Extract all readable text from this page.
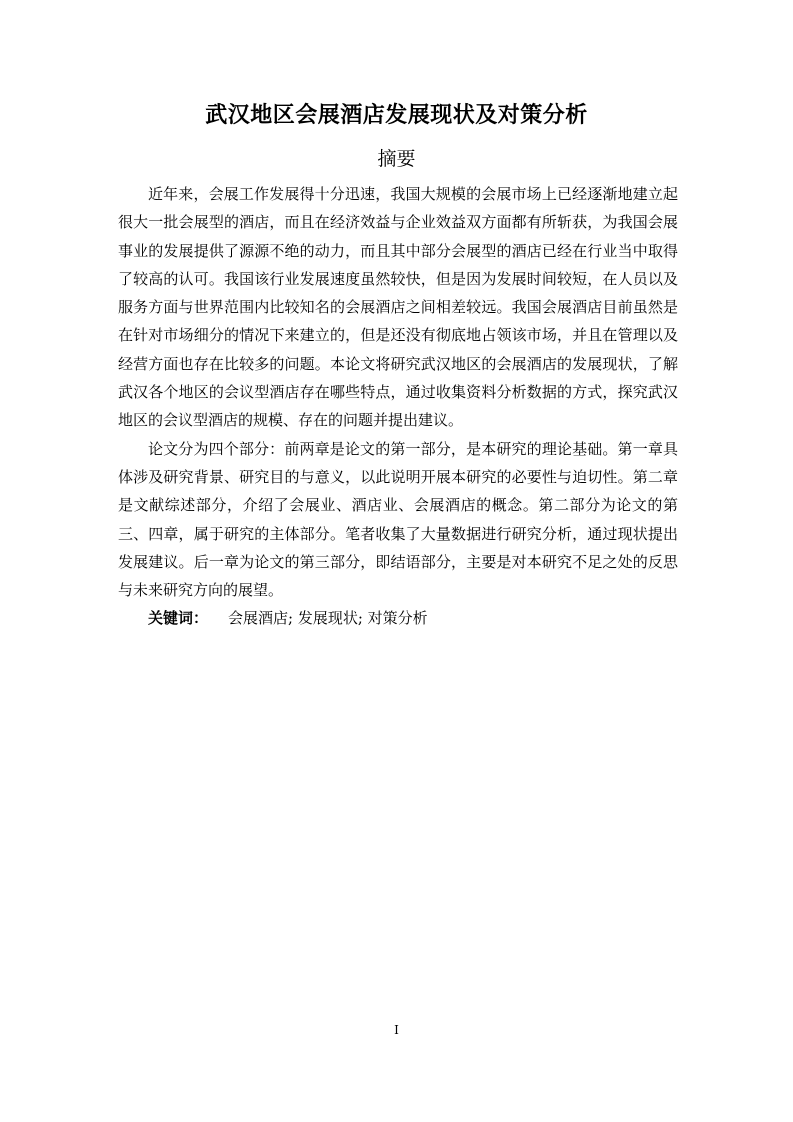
武汉地区会展酒店发展现状及对策分析
摘要

近年来，会展工作发展得十分迅速，我国大规模的会展市场上已经逐渐地建立起很大一批会展型的酒店，而且在经济效益与企业效益双方面都有所斩获，为我国会展事业的发展提供了源源不绝的动力，而且其中部分会展型的酒店已经在行业当中取得了较高的认可。我国该行业发展速度虽然较快，但是因为发展时间较短，在人员以及服务方面与世界范围内比较知名的会展酒店之间相差较远。我国会展酒店目前虽然是在针对市场细分的情况下来建立的，但是还没有彻底地占领该市场，并且在管理以及经营方面也存在比较多的问题。本论文将研究武汉地区的会展酒店的发展现状，了解武汉各个地区的会议型酒店存在哪些特点，通过收集资料分析数据的方式，探究武汉地区的会议型酒店的规模、存在的问题并提出建议。

论文分为四个部分：前两章是论文的第一部分，是本研究的理论基础。第一章具体涉及研究背景、研究目的与意义，以此说明开展本研究的必要性与迫切性。第二章是文献综述部分，介绍了会展业、酒店业、会展酒店的概念。第二部分为论文的第三、四章，属于研究的主体部分。笔者收集了大量数据进行研究分析，通过现状提出发展建议。后一章为论文的第三部分，即结语部分，主要是对本研究不足之处的反思与未来研究方向的展望。

关键词： 会展酒店; 发展现状; 对策分析

I
